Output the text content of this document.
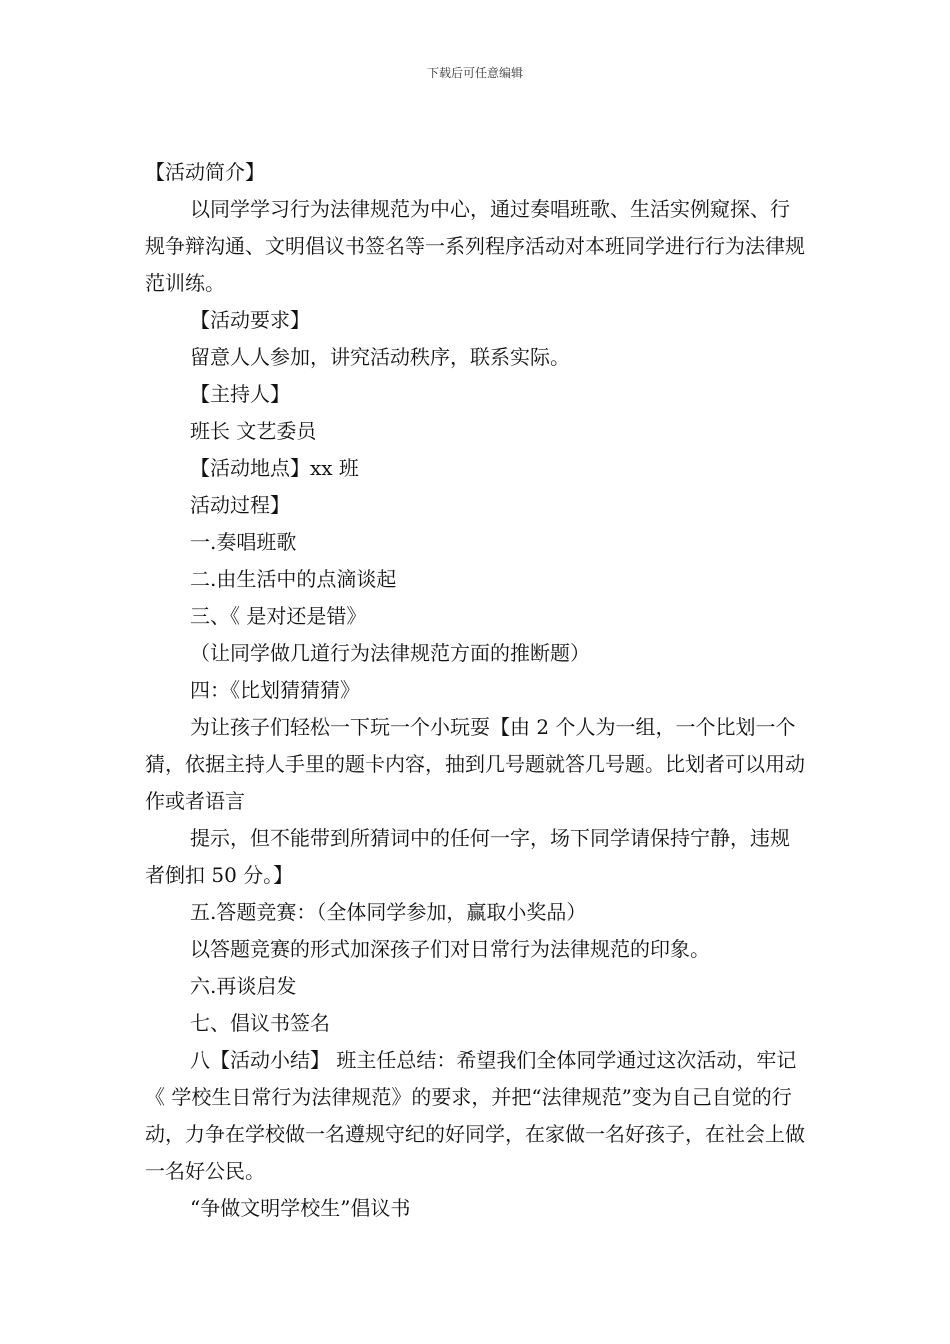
下载后可任意编辑

【活动简介】

以同学学习行为法律规范为中心，通过奏唱班歌、生活实例窥探、行规争辩沟通、文明倡议书签名等一系列程序活动对本班同学进行行为法律规范训练。

【活动要求】

留意人人参加，讲究活动秩序，联系实际。

【主持人】

班长 文艺委员

【活动地点】xx 班

活动过程】

一.奏唱班歌

二.由生活中的点滴谈起

三、《 是对还是错》

（让同学做几道行为法律规范方面的推断题）

四：《比划猜猜猜》

为让孩子们轻松一下玩一个小玩耍【由 2 个人为一组，一个比划一个猜，依据主持人手里的题卡内容，抽到几号题就答几号题。比划者可以用动作或者语言

提示，但不能带到所猜词中的任何一字，场下同学请保持宁静，违规者倒扣 50 分。】

五.答题竞赛：（全体同学参加，赢取小奖品）

以答题竞赛的形式加深孩子们对日常行为法律规范的印象。

六.再谈启发

七、倡议书签名

八【活动小结】 班主任总结：希望我们全体同学通过这次活动，牢记《 学校生日常行为法律规范》的要求，并把“法律规范”变为自己自觉的行动，力争在学校做一名遵规守纪的好同学，在家做一名好孩子，在社会上做一名好公民。

“争做文明学校生”倡议书
